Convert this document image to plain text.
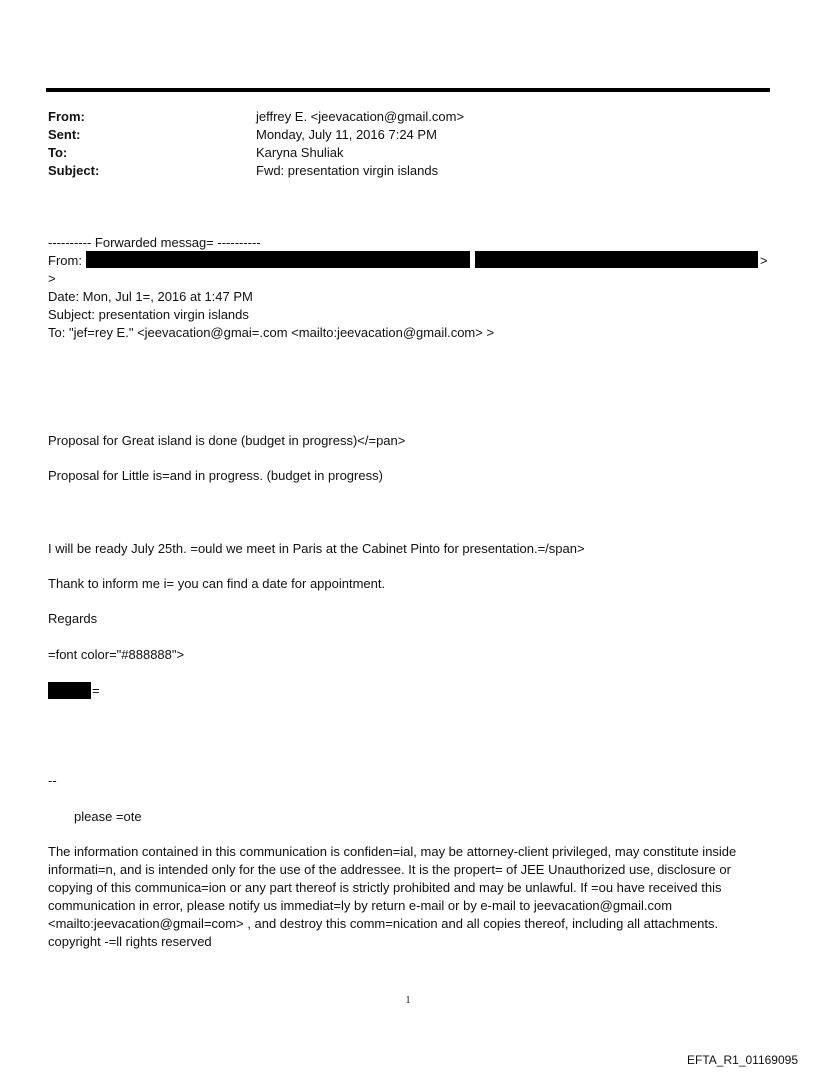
From:	jeffrey E. <jeevacation@gmail.com>
Sent:	Monday, July 11, 2016 7:24 PM
To:	Karyna Shuliak
Subject:	Fwd: presentation virgin islands
---------- Forwarded messag= ----------
From:	>
>
Date: Mon, Jul 1=, 2016 at 1:47 PM
Subject: presentation virgin islands
To: "jef=rey E." <jeevacation@gmai=.com <mailto:jeevacation@gmail.com> >
Proposal for Great island is done (budget in progress)</=pan>
Proposal for Little is=and in progress. (budget in progress)
I will be ready July 25th. =ould we meet in Paris at the Cabinet Pinto for presentation.=/span>
Thank to inform me i= you can find a date for appointment.
Regards
=font color="#888888">
=
--
please =ote
The information contained in this communication is confiden=ial, may be attorney-client privileged, may constitute inside informati=n, and is intended only for the use of the addressee. It is the propert= of JEE Unauthorized use, disclosure or copying of this communica=ion or any part thereof is strictly prohibited and may be unlawful. If =ou have received this communication in error, please notify us immediat=ly by return e-mail or by e-mail to jeevacation@gmail.com <mailto:jeevacation@gmail=com> , and destroy this comm=nication and all copies thereof, including all attachments. copyright -=ll rights reserved
1
EFTA_R1_01169095
